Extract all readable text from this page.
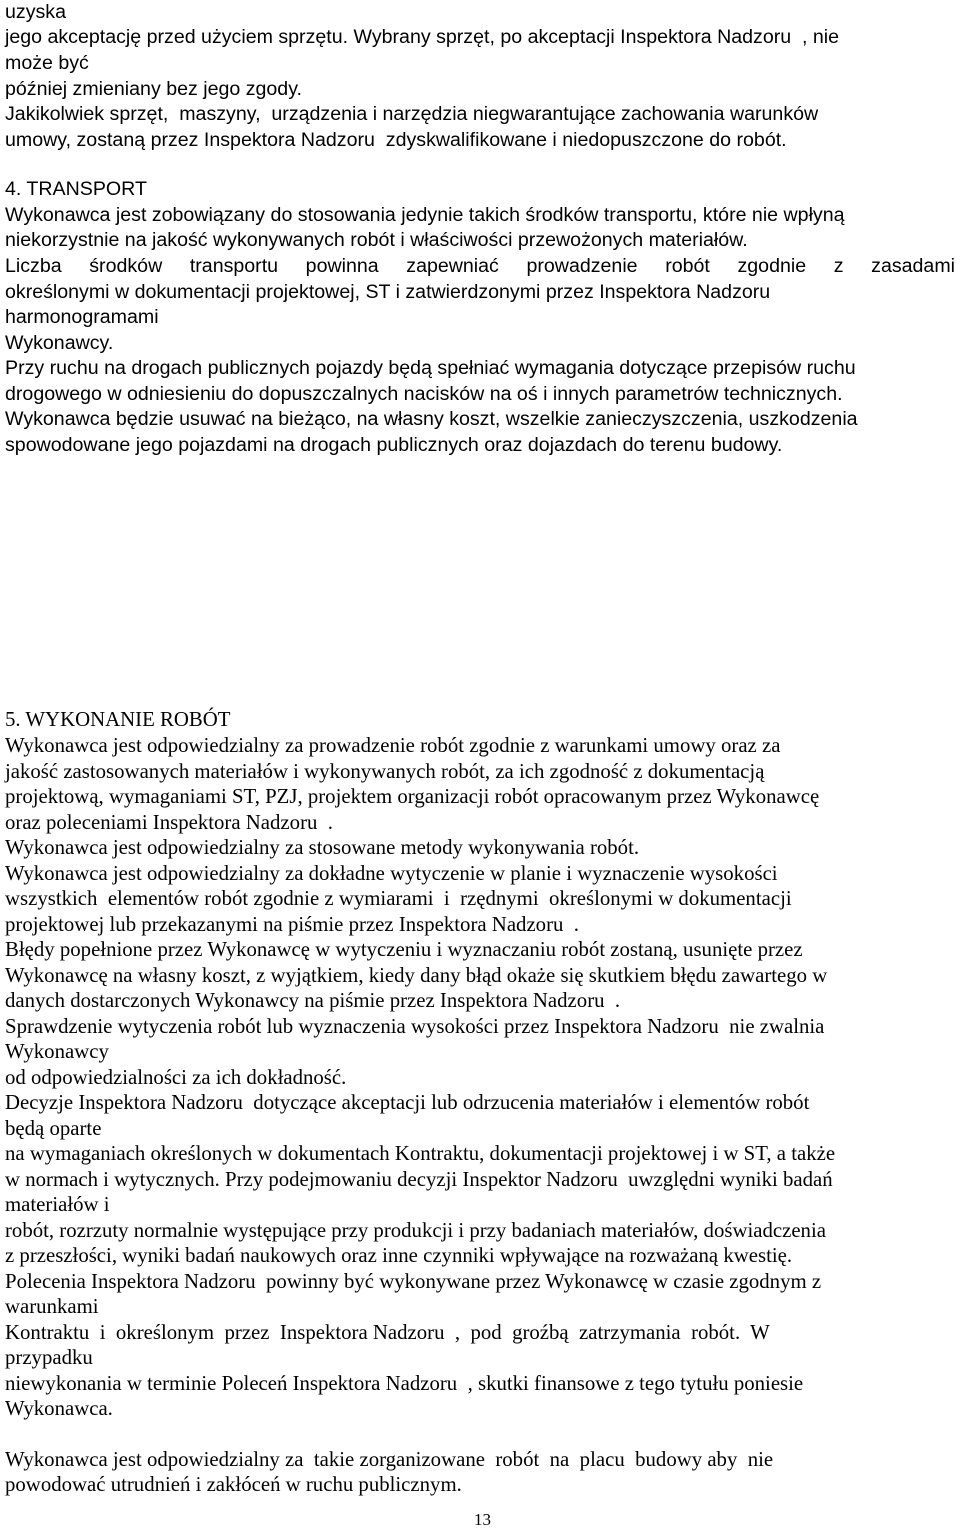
uzyska
jego akceptację przed użyciem sprzętu. Wybrany sprzęt, po akceptacji Inspektora Nadzoru  , nie
może być
później zmieniany bez jego zgody.
Jakikolwiek sprzęt,  maszyny,  urządzenia i narzędzia niegwarantujące zachowania warunków
umowy, zostaną przez Inspektora Nadzoru  zdyskwalifikowane i niedopuszczone do robót.
4. TRANSPORT
Wykonawca jest zobowiązany do stosowania jedynie takich środków transportu, które nie wpłyną
niekorzystnie na jakość wykonywanych robót i właściwości przewożonych materiałów.
Liczba środków transportu powinna zapewniać prowadzenie robót zgodnie z zasadami
określonymi w dokumentacji projektowej, ST i zatwierdzonymi przez Inspektora Nadzoru
harmonogramami
Wykonawcy.
Przy ruchu na drogach publicznych pojazdy będą spełniać wymagania dotyczące przepisów ruchu
drogowego w odniesieniu do dopuszczalnych nacisków na oś i innych parametrów technicznych.
Wykonawca będzie usuwać na bieżąco, na własny koszt, wszelkie zanieczyszczenia, uszkodzenia
spowodowane jego pojazdami na drogach publicznych oraz dojazdach do terenu budowy.
5. WYKONANIE ROBÓT
Wykonawca jest odpowiedzialny za prowadzenie robót zgodnie z warunkami umowy oraz za
jakość zastosowanych materiałów i wykonywanych robót, za ich zgodność z dokumentacją
projektową, wymaganiami ST, PZJ, projektem organizacji robót opracowanym przez Wykonawcę
oraz poleceniami Inspektora Nadzoru  .
Wykonawca jest odpowiedzialny za stosowane metody wykonywania robót.
Wykonawca jest odpowiedzialny za dokładne wytyczenie w planie i wyznaczenie wysokości
wszystkich  elementów robót zgodnie z wymiarami  i  rzędnymi  określonymi w dokumentacji
projektowej lub przekazanymi na piśmie przez Inspektora Nadzoru  .
Błędy popełnione przez Wykonawcę w wytyczeniu i wyznaczaniu robót zostaną, usunięte przez
Wykonawcę na własny koszt, z wyjątkiem, kiedy dany błąd okaże się skutkiem błędu zawartego w
danych dostarczonych Wykonawcy na piśmie przez Inspektora Nadzoru  .
Sprawdzenie wytyczenia robót lub wyznaczenia wysokości przez Inspektora Nadzoru  nie zwalnia
Wykonawcy
od odpowiedzialności za ich dokładność.
Decyzje Inspektora Nadzoru  dotyczące akceptacji lub odrzucenia materiałów i elementów robót
będą oparte
na wymaganiach określonych w dokumentach Kontraktu, dokumentacji projektowej i w ST, a także
w normach i wytycznych. Przy podejmowaniu decyzji Inspektor Nadzoru  uwzględni wyniki badań
materiałów i
robót, rozrzuty normalnie występujące przy produkcji i przy badaniach materiałów, doświadczenia
z przeszłości, wyniki badań naukowych oraz inne czynniki wpływające na rozważaną kwestię.
Polecenia Inspektora Nadzoru  powinny być wykonywane przez Wykonawcę w czasie zgodnym z
warunkami
Kontraktu  i  określonym  przez  Inspektora Nadzoru  ,  pod  groźbą  zatrzymania  robót.  W
przypadku
niewykonania w terminie Poleceń Inspektora Nadzoru  , skutki finansowe z tego tytułu poniesie
Wykonawca.
Wykonawca jest odpowiedzialny za  takie zorganizowane  robót  na  placu  budowy aby  nie
powodować utrudnień i zakłóceń w ruchu publicznym.
13
